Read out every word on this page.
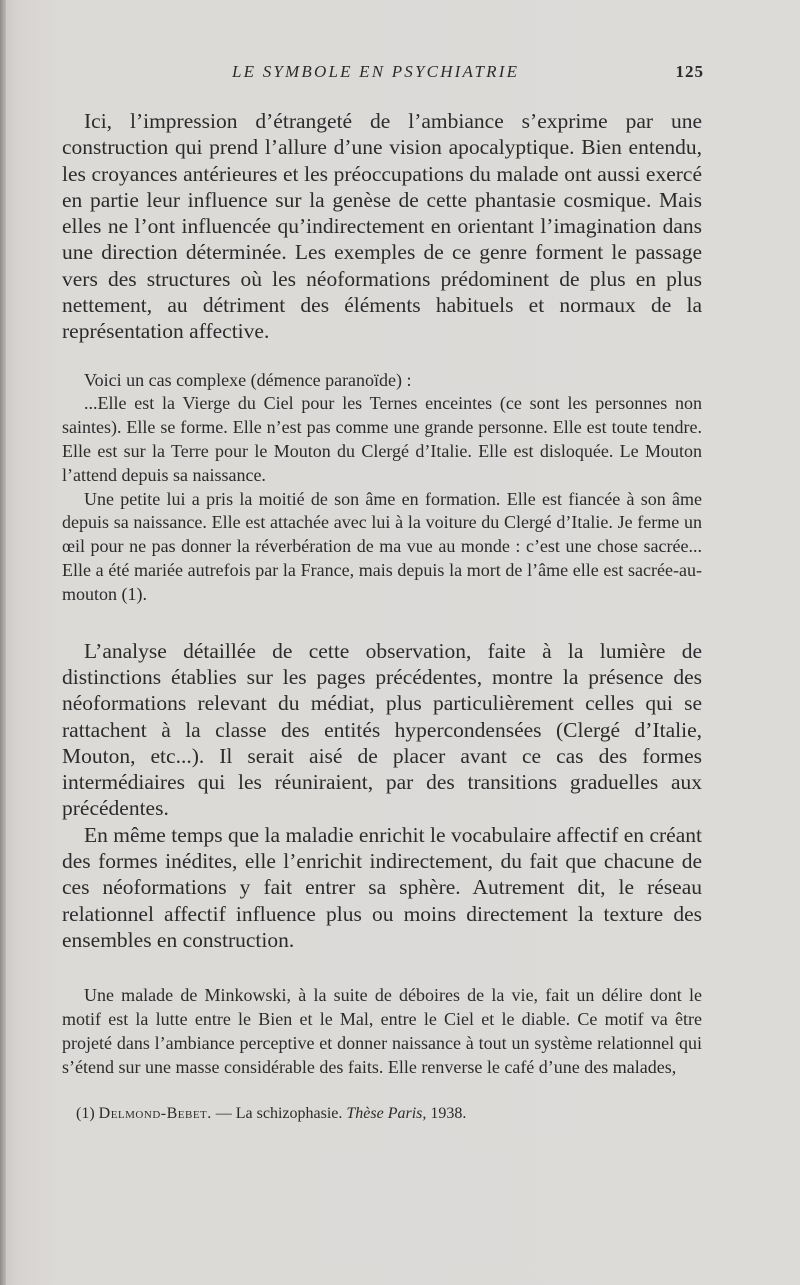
LE SYMBOLE EN PSYCHIATRIE	125

Ici, l’impression d’étrangeté de l’ambiance s’exprime par une construction qui prend l’allure d’une vision apocalyptique. Bien entendu, les croyances antérieures et les préoccupations du malade ont aussi exercé en partie leur influence sur la genèse de cette phantasie cosmique. Mais elles ne l’ont influencée qu’indirectement en orientant l’imagination dans une direction déterminée. Les exemples de ce genre forment le passage vers des structures où les néoformations prédominent de plus en plus nettement, au détriment des éléments habituels et normaux de la représentation affective.

Voici un cas complexe (démence paranoïde) :

...Elle est la Vierge du Ciel pour les Ternes enceintes (ce sont les personnes non saintes). Elle se forme. Elle n’est pas comme une grande personne. Elle est toute tendre. Elle est sur la Terre pour le Mouton du Clergé d’Italie. Elle est disloquée. Le Mouton l’attend depuis sa naissance.

Une petite lui a pris la moitié de son âme en formation. Elle est fiancée à son âme depuis sa naissance. Elle est attachée avec lui à la voiture du Clergé d’Italie. Je ferme un œil pour ne pas donner la réverbération de ma vue au monde : c’est une chose sacrée... Elle a été mariée autrefois par la France, mais depuis la mort de l’âme elle est sacrée-au-mouton (1).

L’analyse détaillée de cette observation, faite à la lumière de distinctions établies sur les pages précédentes, montre la présence des néoformations relevant du médiat, plus particulièrement celles qui se rattachent à la classe des entités hypercondensées (Clergé d’Italie, Mouton, etc...). Il serait aisé de placer avant ce cas des formes intermédiaires qui les réuniraient, par des transitions graduelles aux précédentes.

En même temps que la maladie enrichit le vocabulaire affectif en créant des formes inédites, elle l’enrichit indirectement, du fait que chacune de ces néoformations y fait entrer sa sphère. Autrement dit, le réseau relationnel affectif influence plus ou moins directement la texture des ensembles en construction.

Une malade de Minkowski, à la suite de déboires de la vie, fait un délire dont le motif est la lutte entre le Bien et le Mal, entre le Ciel et le diable. Ce motif va être projeté dans l’ambiance perceptive et donner naissance à tout un système relationnel qui s’étend sur une masse considérable des faits. Elle renverse le café d’une des malades,

(1) Delmond-Bebet. — La schizophasie. Thèse Paris, 1938.
